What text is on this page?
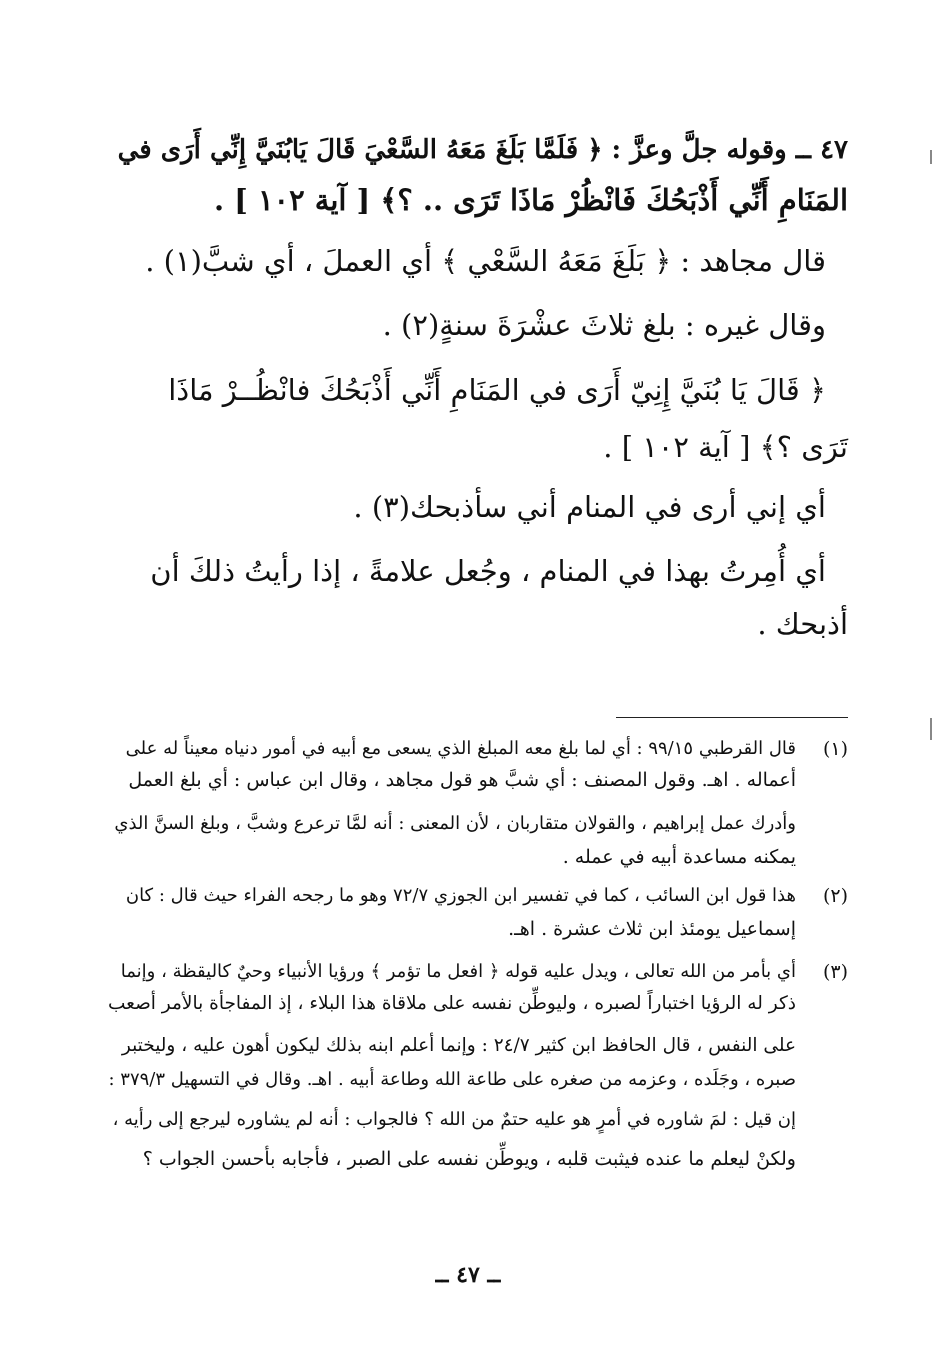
٤٧ ــ وقوله جلَّ وعزَّ : ﴿ فَلَمَّا بَلَغَ مَعَهُ السَّعْيَ قَالَ يَابُنَيَّ إِنِّي أَرَى في
المَنَامِ أَنِّي أَذْبَحُكَ فَانْظُرْ مَاذَا تَرَى .. ؟﴾ [ آية ١٠٢ ] .
قال مجاهد : ﴿ بَلَغَ مَعَهُ السَّعْي ﴾ أي العملَ ، أي شبَّ(١) .
وقال غيره : بلغ ثلاثَ عشْرَةَ سنةٍ(٢) .
﴿ قَالَ يَا بُنَيَّ إِنِيّ أَرَى في المَنَامِ أَنِّي أَذْبَحُكَ فانْظُــرْ مَاذَا
تَرَى ؟﴾ [ آية ١٠٢ ] .
أي إني أرى في المنام أني سأذبحك(٣) .
أي أُمِرتُ بهذا في المنام ، وجُعل علامةً ، إذا رأيتُ ذلكَ أن
أذبحك .
(١)
قال القرطبي ٩٩/١٥ : أي لما بلغ معه المبلغ الذي يسعى مع أبيه في أمور دنياه معيناً له على
أعماله . اهـ. وقول المصنف : أي شبَّ هو قول مجاهد ، وقال ابن عباس : أي بلغ العمل
وأدرك عمل إبراهيم ، والقولان متقاربان ، لأن المعنى : أنه لمَّا ترعرع وشبَّ ، وبلغ السنَّ الذي
يمكنه مساعدة أبيه في عمله .
(٢)
هذا قول ابن السائب ، كما في تفسير ابن الجوزي ٧٢/٧ وهو ما رجحه الفراء حيث قال : كان
إسماعيل يومئذ ابن ثلاث عشرة . اهـ.
(٣)
أي بأمر من الله تعالى ، ويدل عليه قوله ﴿ افعل ما تؤمر ﴾ ورؤيا الأنبياء وحيٌ كاليقظة ، وإنما
ذكر له الرؤيا اختباراً لصبره ، وليوطِّن نفسه على ملاقاة هذا البلاء ، إذ المفاجأة بالأمر أصعب
على النفس ، قال الحافظ ابن كثير ٢٤/٧ : وإنما أعلم ابنه بذلك ليكون أهون عليه ، وليختبر
صبره ، وجَلَده ، وعزمه من صغره على طاعة الله وطاعة أبيه . اهـ. وقال في التسهيل ٣٧٩/٣ :
إن قيل : لمَ شاوره في أمرٍ هو عليه حتمٌ من الله ؟ فالجواب : أنه لم يشاوره ليرجع إلى رأيه ،
ولكنْ ليعلم ما عنده فيثبت قلبه ، ويوطِّن نفسه على الصبر ، فأجابه بأحسن الجواب ؟
ــ ٤٧ ــ
